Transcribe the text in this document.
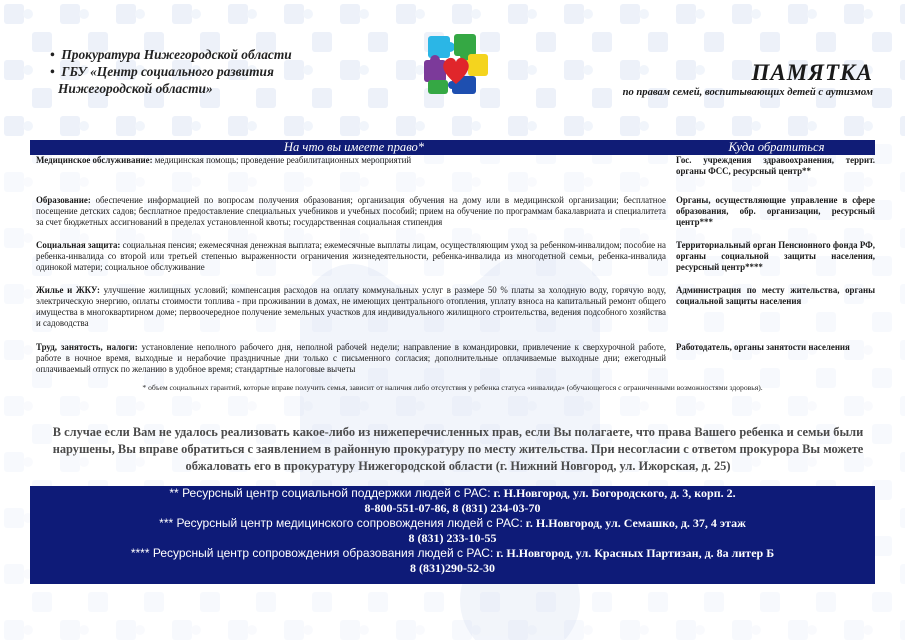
• Прокуратура Нижегородской области
• ГБУ «Центр социального развития
Нижегородской области»
ПАМЯТКА
по правам семей, воспитывающих детей с аутизмом
На что вы имеете право*	Куда обратиться
Медицинское обслуживание: медицинская помощь; проведение реабилитационных мероприятий	Гос. учреждения здравоохранения, террит. органы ФСС, ресурсный центр**
Образование: обеспечение информацией по вопросам получения образования; организация обучения на дому или в медицинской организации; бесплатное посещение детских садов; бесплатное предоставление специальных учебников и учебных пособий; прием на обучение по программам бакалавриата и специалитета за счет бюджетных ассигнований в пределах установленной квоты; государственная социальная стипендия
Органы, осуществляющие управление в сфере образования, обр. организации, ресурсный центр***
Социальная защита: социальная пенсия; ежемесячная денежная выплата; ежемесячные выплаты лицам, осуществляющим уход за ребенком-инвалидом; пособие на ребенка-инвалида со второй или третьей степенью выраженности ограничения жизнедеятельности, ребенка-инвалида из многодетной семьи, ребенка-инвалида одинокой матери; социальное обслуживание
Территориальный орган Пенсионного фонда РФ, органы социальной защиты населения, ресурсный центр****
Жилье и ЖКУ: улучшение жилищных условий; компенсация расходов на оплату коммунальных услуг в размере 50 % платы за холодную воду, горячую воду, электрическую энергию, оплаты стоимости топлива - при проживании в домах, не имеющих центрального отопления, уплату взноса на капитальный ремонт общего имущества в многоквартирном доме; первоочередное получение земельных участков для индивидуального жилищного строительства, ведения подсобного хозяйства и садоводства
Администрация по месту жительства, органы социальной защиты населения
Труд, занятость, налоги: установление неполного рабочего дня, неполной рабочей недели; направление в командировки, привлечение к сверхурочной работе, работе в ночное время, выходные и нерабочие праздничные дни только с письменного согласия; дополнительные оплачиваемые выходные дни; ежегодный оплачиваемый отпуск по желанию в удобное время; стандартные налоговые вычеты
Работодатель, органы занятости населения
* объем социальных гарантий, которые вправе получить семья, зависит от наличия либо отсутствия у ребенка статуса «инвалида» (обучающегося с ограниченными возможностями здоровья).
В случае если Вам не удалось реализовать какое-либо из нижеперечисленных прав, если Вы полагаете, что права Вашего ребенка и семьи были нарушены, Вы вправе обратиться с заявлением в районную прокуратуру по месту жительства. При несогласии с ответом прокурора Вы можете обжаловать его в прокуратуру Нижегородской области (г. Нижний Новгород, ул. Ижорская, д. 25)
** Ресурсный центр социальной поддержки людей с РАС: г. Н.Новгород, ул. Богородского, д. 3, корп. 2.
8-800-551-07-86, 8 (831) 234-03-70
*** Ресурсный центр медицинского сопровождения людей с РАС: г. Н.Новгород, ул. Семашко, д. 37, 4 этаж
8 (831) 233-10-55
**** Ресурсный центр сопровождения образования людей с РАС: г. Н.Новгород, ул. Красных Партизан, д. 8а литер Б
8 (831)290-52-30
